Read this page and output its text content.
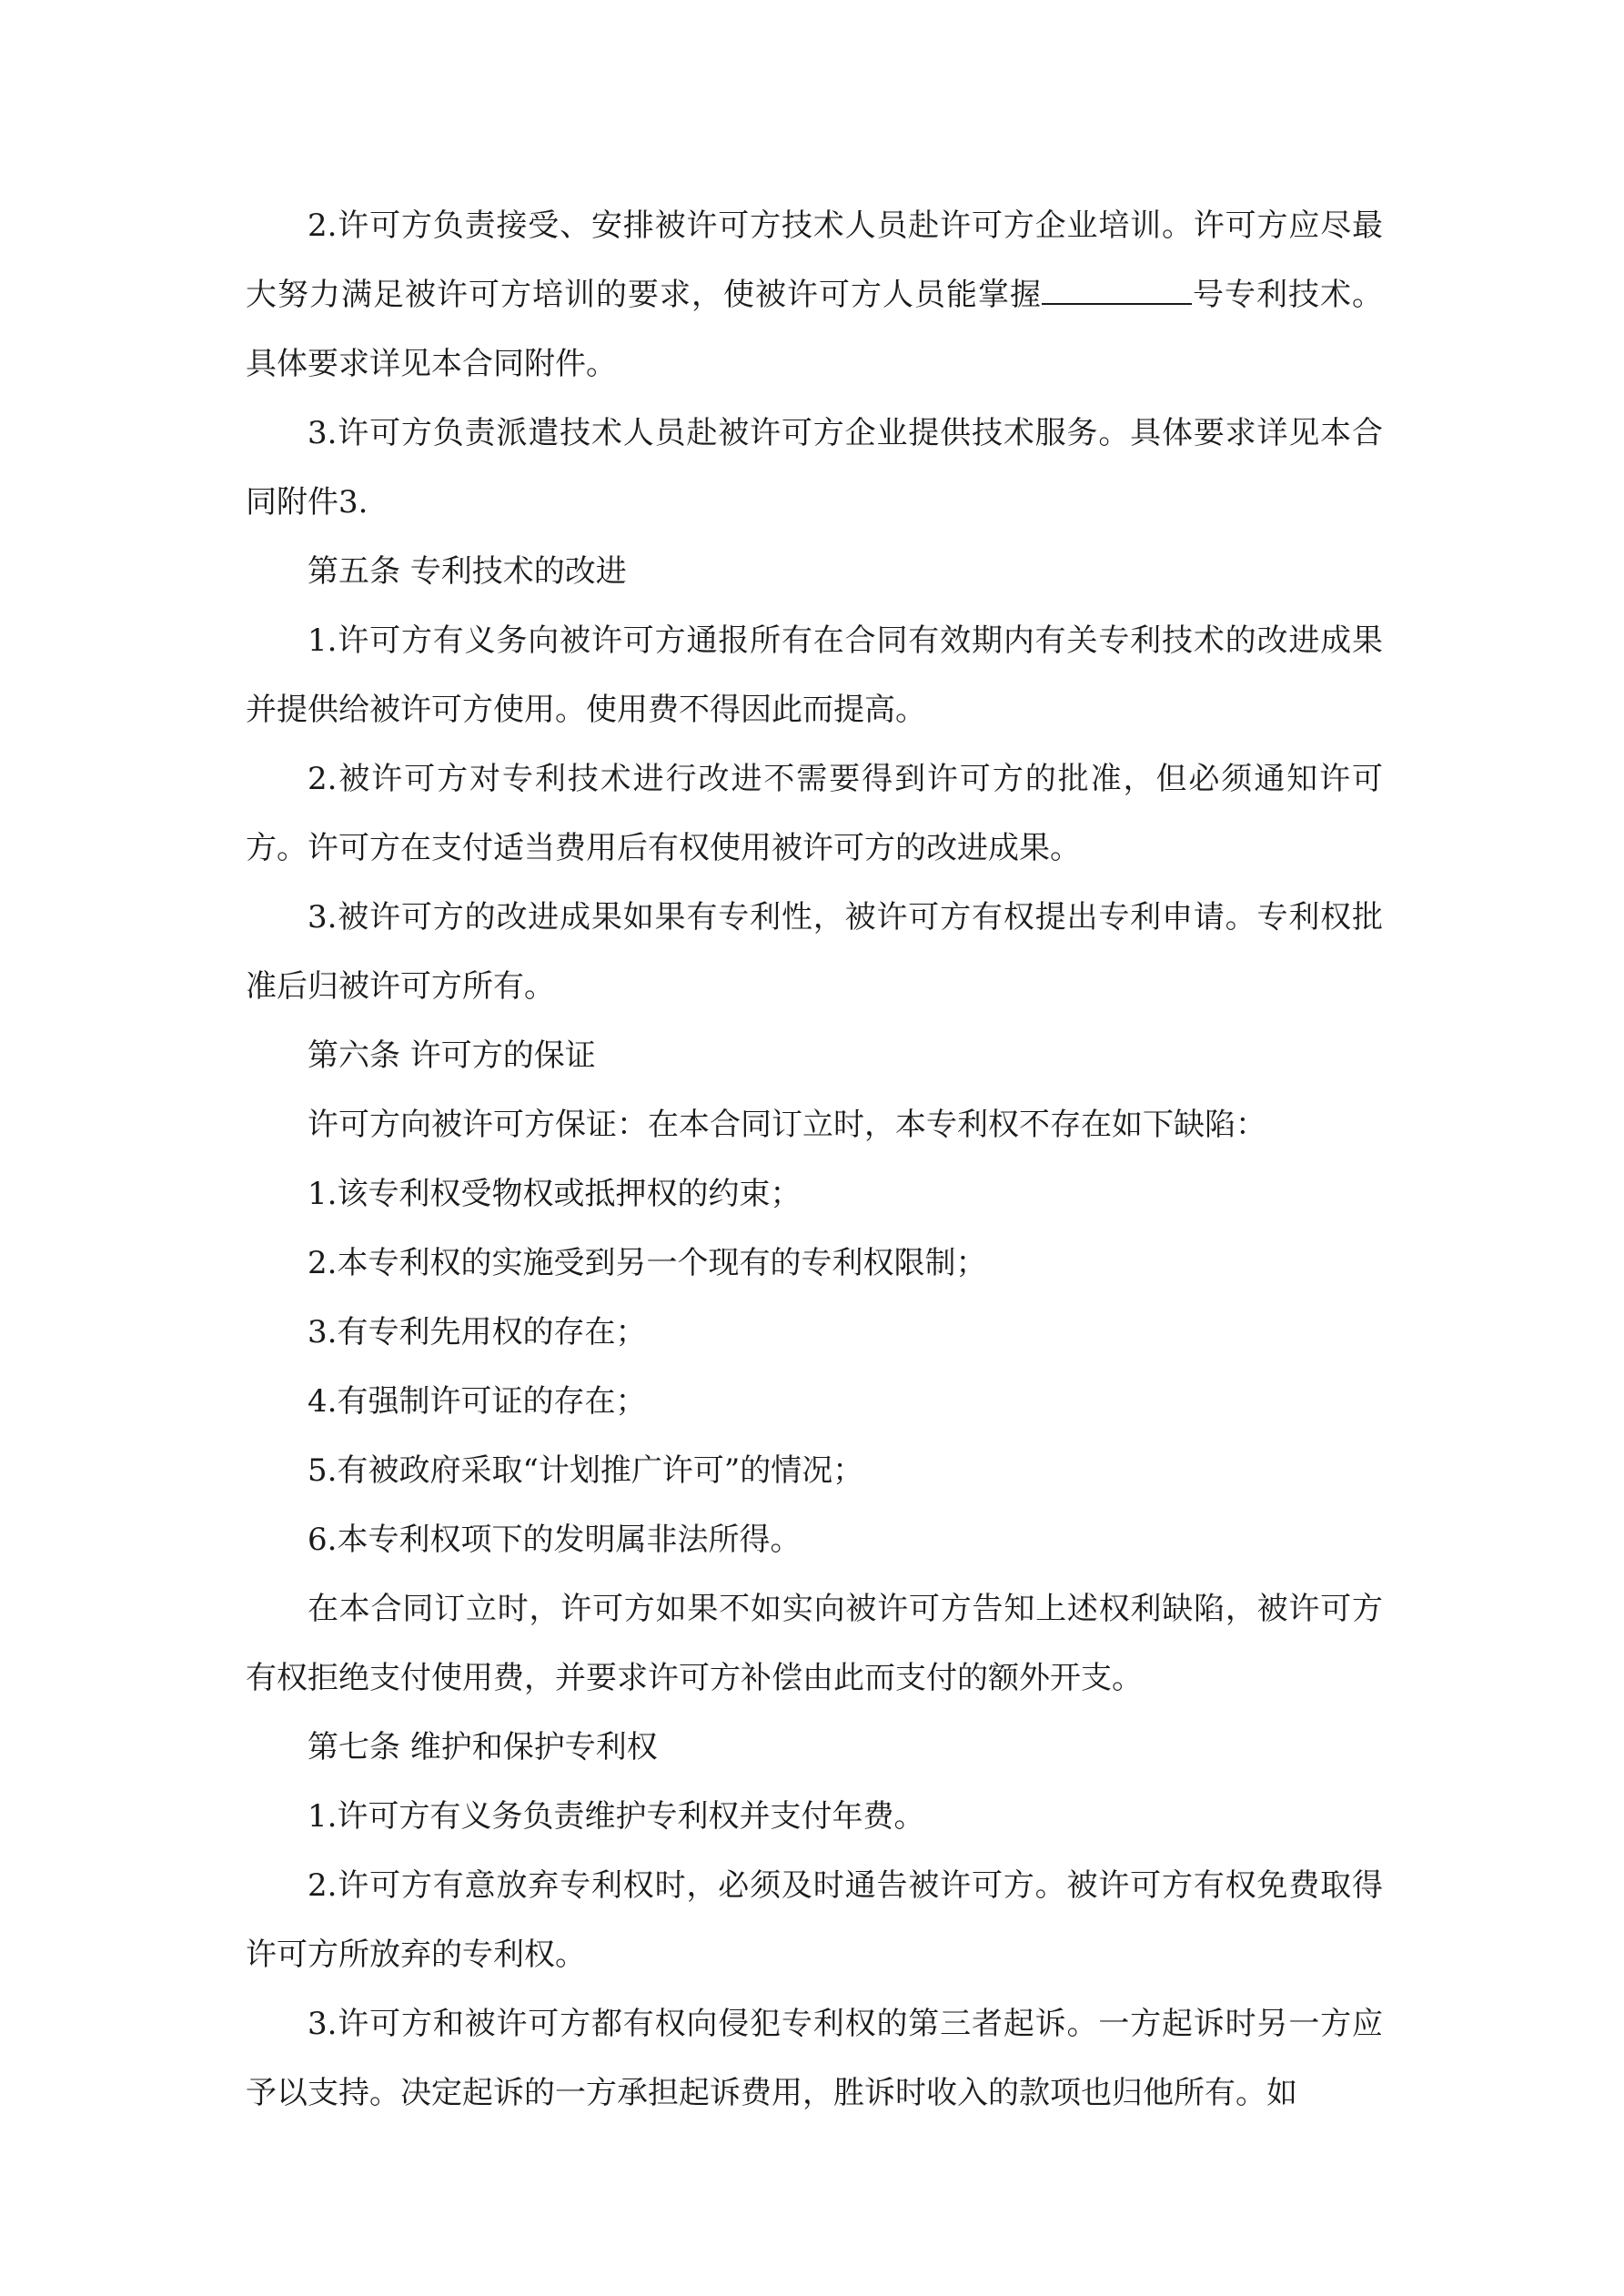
2.许可方负责接受、安排被许可方技术人员赴许可方企业培训。许可方应尽最大努力满足被许可方培训的要求，使被许可方人员能掌握	号专利技术。具体要求详见本合同附件。

3.许可方负责派遣技术人员赴被许可方企业提供技术服务。具体要求详见本合同附件3.

第五条 专利技术的改进

1.许可方有义务向被许可方通报所有在合同有效期内有关专利技术的改进成果并提供给被许可方使用。使用费不得因此而提高。

2.被许可方对专利技术进行改进不需要得到许可方的批准，但必须通知许可方。许可方在支付适当费用后有权使用被许可方的改进成果。

3.被许可方的改进成果如果有专利性，被许可方有权提出专利申请。专利权批准后归被许可方所有。

第六条 许可方的保证

许可方向被许可方保证：在本合同订立时，本专利权不存在如下缺陷：

1.该专利权受物权或抵押权的约束；

2.本专利权的实施受到另一个现有的专利权限制；

3.有专利先用权的存在；

4.有强制许可证的存在；

5.有被政府采取“计划推广许可”的情况；

6.本专利权项下的发明属非法所得。

在本合同订立时，许可方如果不如实向被许可方告知上述权利缺陷，被许可方有权拒绝支付使用费，并要求许可方补偿由此而支付的额外开支。

第七条 维护和保护专利权

1.许可方有义务负责维护专利权并支付年费。

2.许可方有意放弃专利权时，必须及时通告被许可方。被许可方有权免费取得许可方所放弃的专利权。

3.许可方和被许可方都有权向侵犯专利权的第三者起诉。一方起诉时另一方应予以支持。决定起诉的一方承担起诉费用，胜诉时收入的款项也归他所有。如
